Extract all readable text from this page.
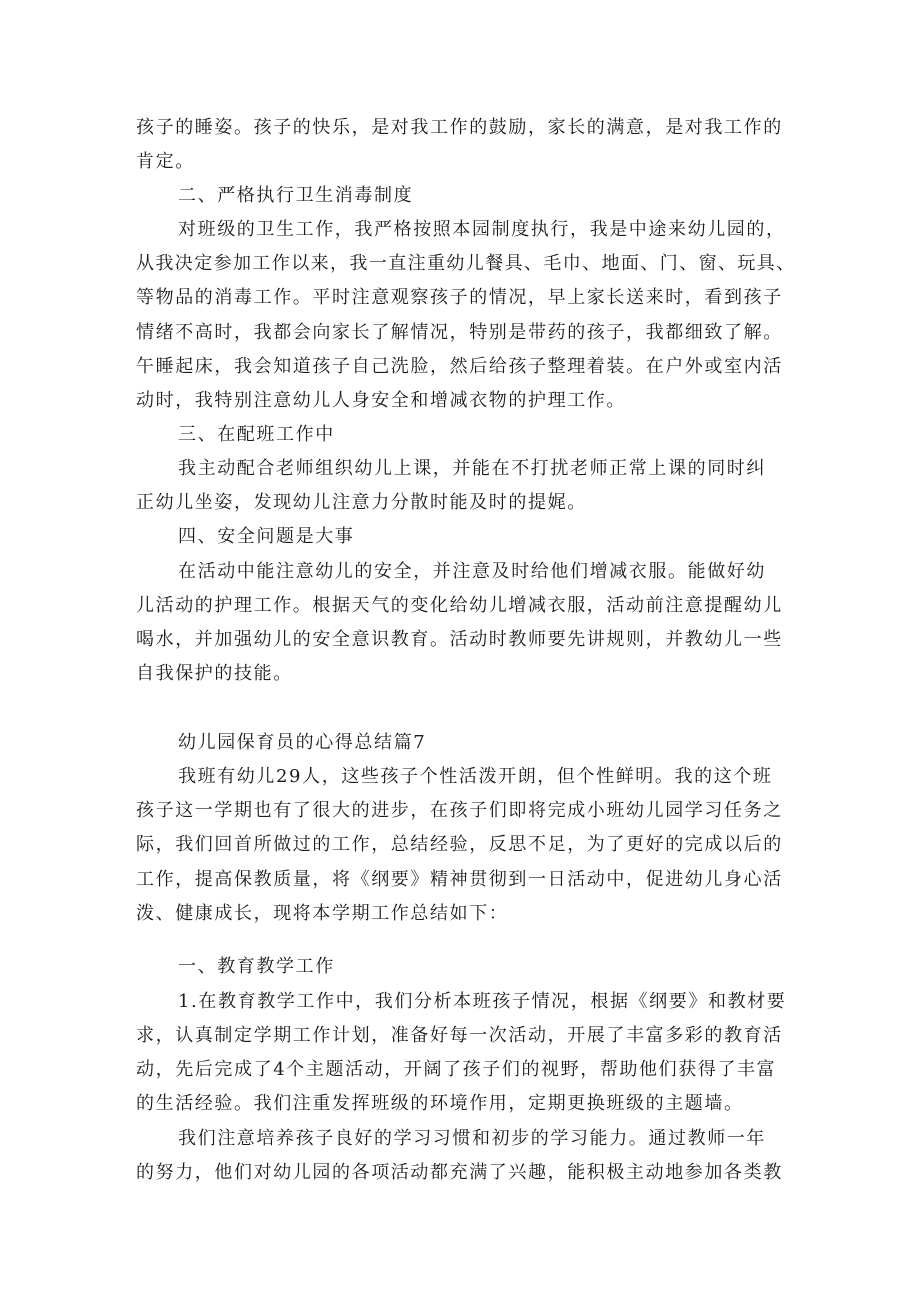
孩子的睡姿。孩子的快乐，是对我工作的鼓励，家长的满意，是对我工作的
肯定。
二、严格执行卫生消毒制度
对班级的卫生工作，我严格按照本园制度执行，我是中途来幼儿园的，
从我决定参加工作以来，我一直注重幼儿餐具、毛巾、地面、门、窗、玩具、
等物品的消毒工作。平时注意观察孩子的情况，早上家长送来时，看到孩子
情绪不高时，我都会向家长了解情况，特别是带药的孩子，我都细致了解。
午睡起床，我会知道孩子自己洗脸，然后给孩子整理着装。在户外或室内活
动时，我特别注意幼儿人身安全和增减衣物的护理工作。
三、在配班工作中
我主动配合老师组织幼儿上课，并能在不打扰老师正常上课的同时纠
正幼儿坐姿，发现幼儿注意力分散时能及时的提娓。
四、安全问题是大事
在活动中能注意幼儿的安全，并注意及时给他们增减衣服。能做好幼
儿活动的护理工作。根据天气的变化给幼儿增减衣服，活动前注意提醒幼儿
喝水，并加强幼儿的安全意识教育。活动时教师要先讲规则，并教幼儿一些
自我保护的技能。
幼儿园保育员的心得总结篇7
我班有幼儿29人，这些孩子个性活泼开朗，但个性鲜明。我的这个班
孩子这一学期也有了很大的进步，在孩子们即将完成小班幼儿园学习任务之
际，我们回首所做过的工作，总结经验，反思不足，为了更好的完成以后的
工作，提高保教质量，将《纲要》精神贯彻到一日活动中，促进幼儿身心活
泼、健康成长，现将本学期工作总结如下：
一、教育教学工作
1.在教育教学工作中，我们分析本班孩子情况，根据《纲要》和教材要
求，认真制定学期工作计划，准备好每一次活动，开展了丰富多彩的教育活
动，先后完成了4个主题活动，开阔了孩子们的视野，帮助他们获得了丰富
的生活经验。我们注重发挥班级的环境作用，定期更换班级的主题墙。
我们注意培养孩子良好的学习习惯和初步的学习能力。通过教师一年
的努力，他们对幼儿园的各项活动都充满了兴趣，能积极主动地参加各类教
